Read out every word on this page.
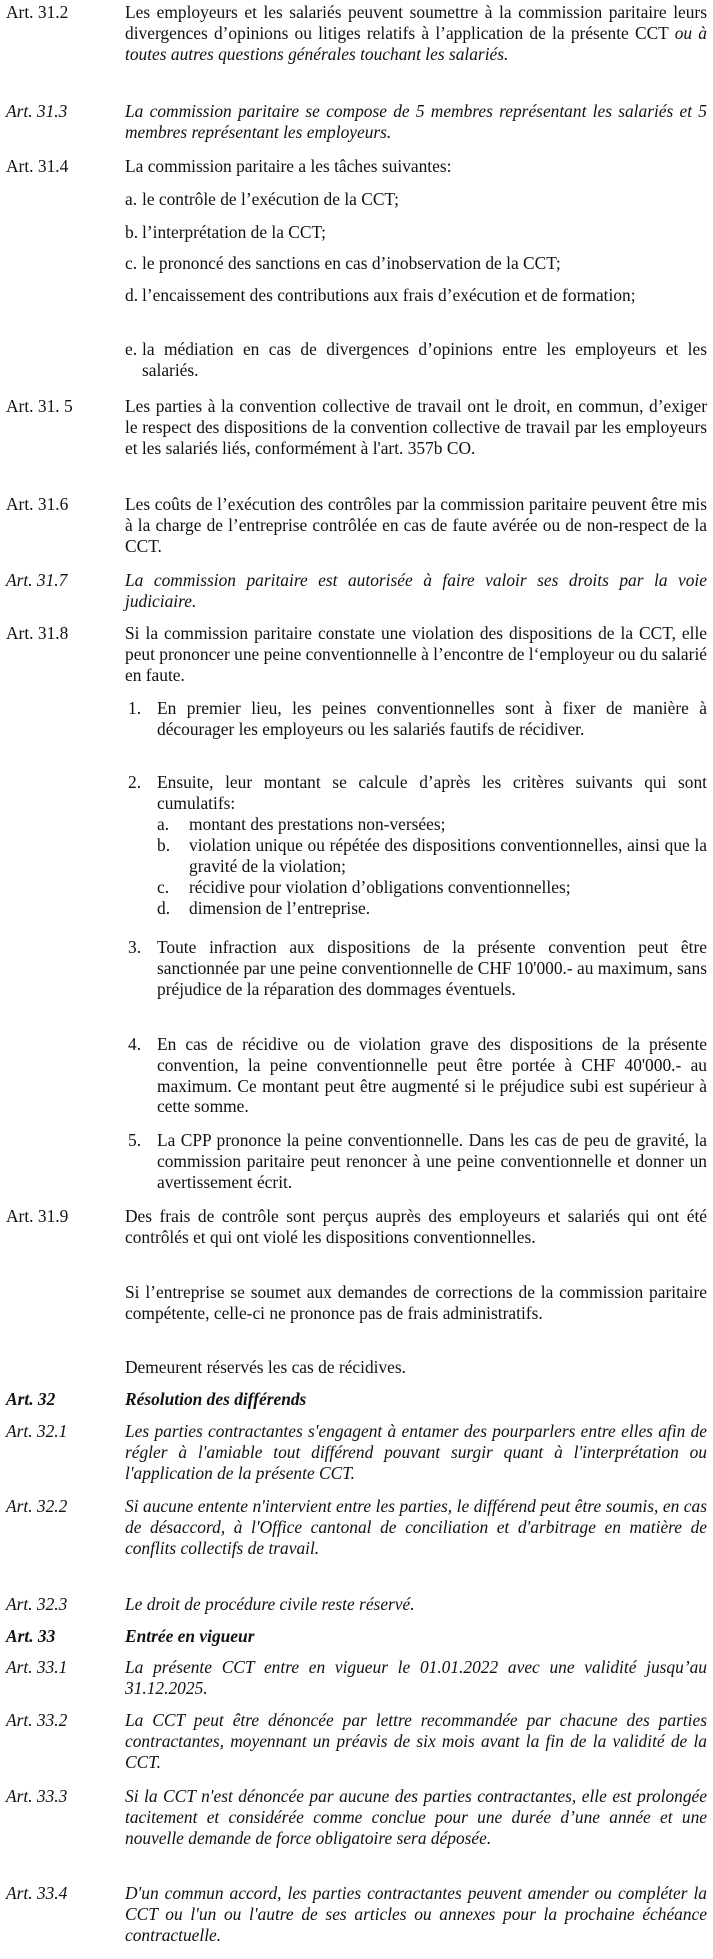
Art. 31.2	Les employeurs et les salariés peuvent soumettre à la commission paritaire leurs divergences d’opinions ou litiges relatifs à l’application de la présente CCT ou à toutes autres questions générales touchant les salariés.
Art. 31.3	La commission paritaire se compose de 5 membres représentant les salariés et 5 membres représentant les employeurs.
Art. 31.4	La commission paritaire a les tâches suivantes:
a. le contrôle de l’exécution de la CCT;
b. l’interprétation de la CCT;
c. le prononcé des sanctions en cas d’inobservation de la CCT;
d. l’encaissement des contributions aux frais d’exécution et de formation;
e. la médiation en cas de divergences d’opinions entre les employeurs et les salariés.
Art. 31. 5	Les parties à la convention collective de travail ont le droit, en commun, d’exiger le respect des dispositions de la convention collective de travail par les employeurs et les salariés liés, conformément à l'art. 357b CO.
Art. 31.6	Les coûts de l’exécution des contrôles par la commission paritaire peuvent être mis à la charge de l’entreprise contrôlée en cas de faute avérée ou de non-respect de la CCT.
Art. 31.7	La commission paritaire est autorisée à faire valoir ses droits par la voie judiciaire.
Art. 31.8	Si la commission paritaire constate une violation des dispositions de la CCT, elle peut prononcer une peine conventionnelle à l’encontre de l‘employeur ou du salarié en faute.
1. En premier lieu, les peines conventionnelles sont à fixer de manière à décourager les employeurs ou les salariés fautifs de récidiver.
2. Ensuite, leur montant se calcule d’après les critères suivants qui sont cumulatifs:
a. montant des prestations non-versées;
b. violation unique ou répétée des dispositions conventionnelles, ainsi que la gravité de la violation;
c. récidive pour violation d’obligations conventionnelles;
d. dimension de l’entreprise.
3. Toute infraction aux dispositions de la présente convention peut être sanctionnée par une peine conventionnelle de CHF 10'000.- au maximum, sans préjudice de la réparation des dommages éventuels.
4. En cas de récidive ou de violation grave des dispositions de la présente convention, la peine conventionnelle peut être portée à CHF 40'000.- au maximum. Ce montant peut être augmenté si le préjudice subi est supérieur à cette somme.
5. La CPP prononce la peine conventionnelle. Dans les cas de peu de gravité, la commission paritaire peut renoncer à une peine conventionnelle et donner un avertissement écrit.
Art. 31.9	Des frais de contrôle sont perçus auprès des employeurs et salariés qui ont été contrôlés et qui ont violé les dispositions conventionnelles.
Si l’entreprise se soumet aux demandes de corrections de la commission paritaire compétente, celle-ci ne prononce pas de frais administratifs.
Demeurent réservés les cas de récidives.
Art. 32	Résolution des différends
Art. 32.1	Les parties contractantes s'engagent à entamer des pourparlers entre elles afin de régler à l'amiable tout différend pouvant surgir quant à l'interprétation ou l'application de la présente CCT.
Art. 32.2	Si aucune entente n'intervient entre les parties, le différend peut être soumis, en cas de désaccord, à l'Office cantonal de conciliation et d'arbitrage en matière de conflits collectifs de travail.
Art. 32.3	Le droit de procédure civile reste réservé.
Art. 33	Entrée en vigueur
Art. 33.1	La présente CCT entre en vigueur le 01.01.2022 avec une validité jusqu’au 31.12.2025.
Art. 33.2	La CCT peut être dénoncée par lettre recommandée par chacune des parties contractantes, moyennant un préavis de six mois avant la fin de la validité de la CCT.
Art. 33.3	Si la CCT n'est dénoncée par aucune des parties contractantes, elle est prolongée tacitement et considérée comme conclue pour une durée d’une année et une nouvelle demande de force obligatoire sera déposée.
Art. 33.4	D'un commun accord, les parties contractantes peuvent amender ou compléter la CCT ou l'un ou l'autre de ses articles ou annexes pour la prochaine échéance contractuelle.
